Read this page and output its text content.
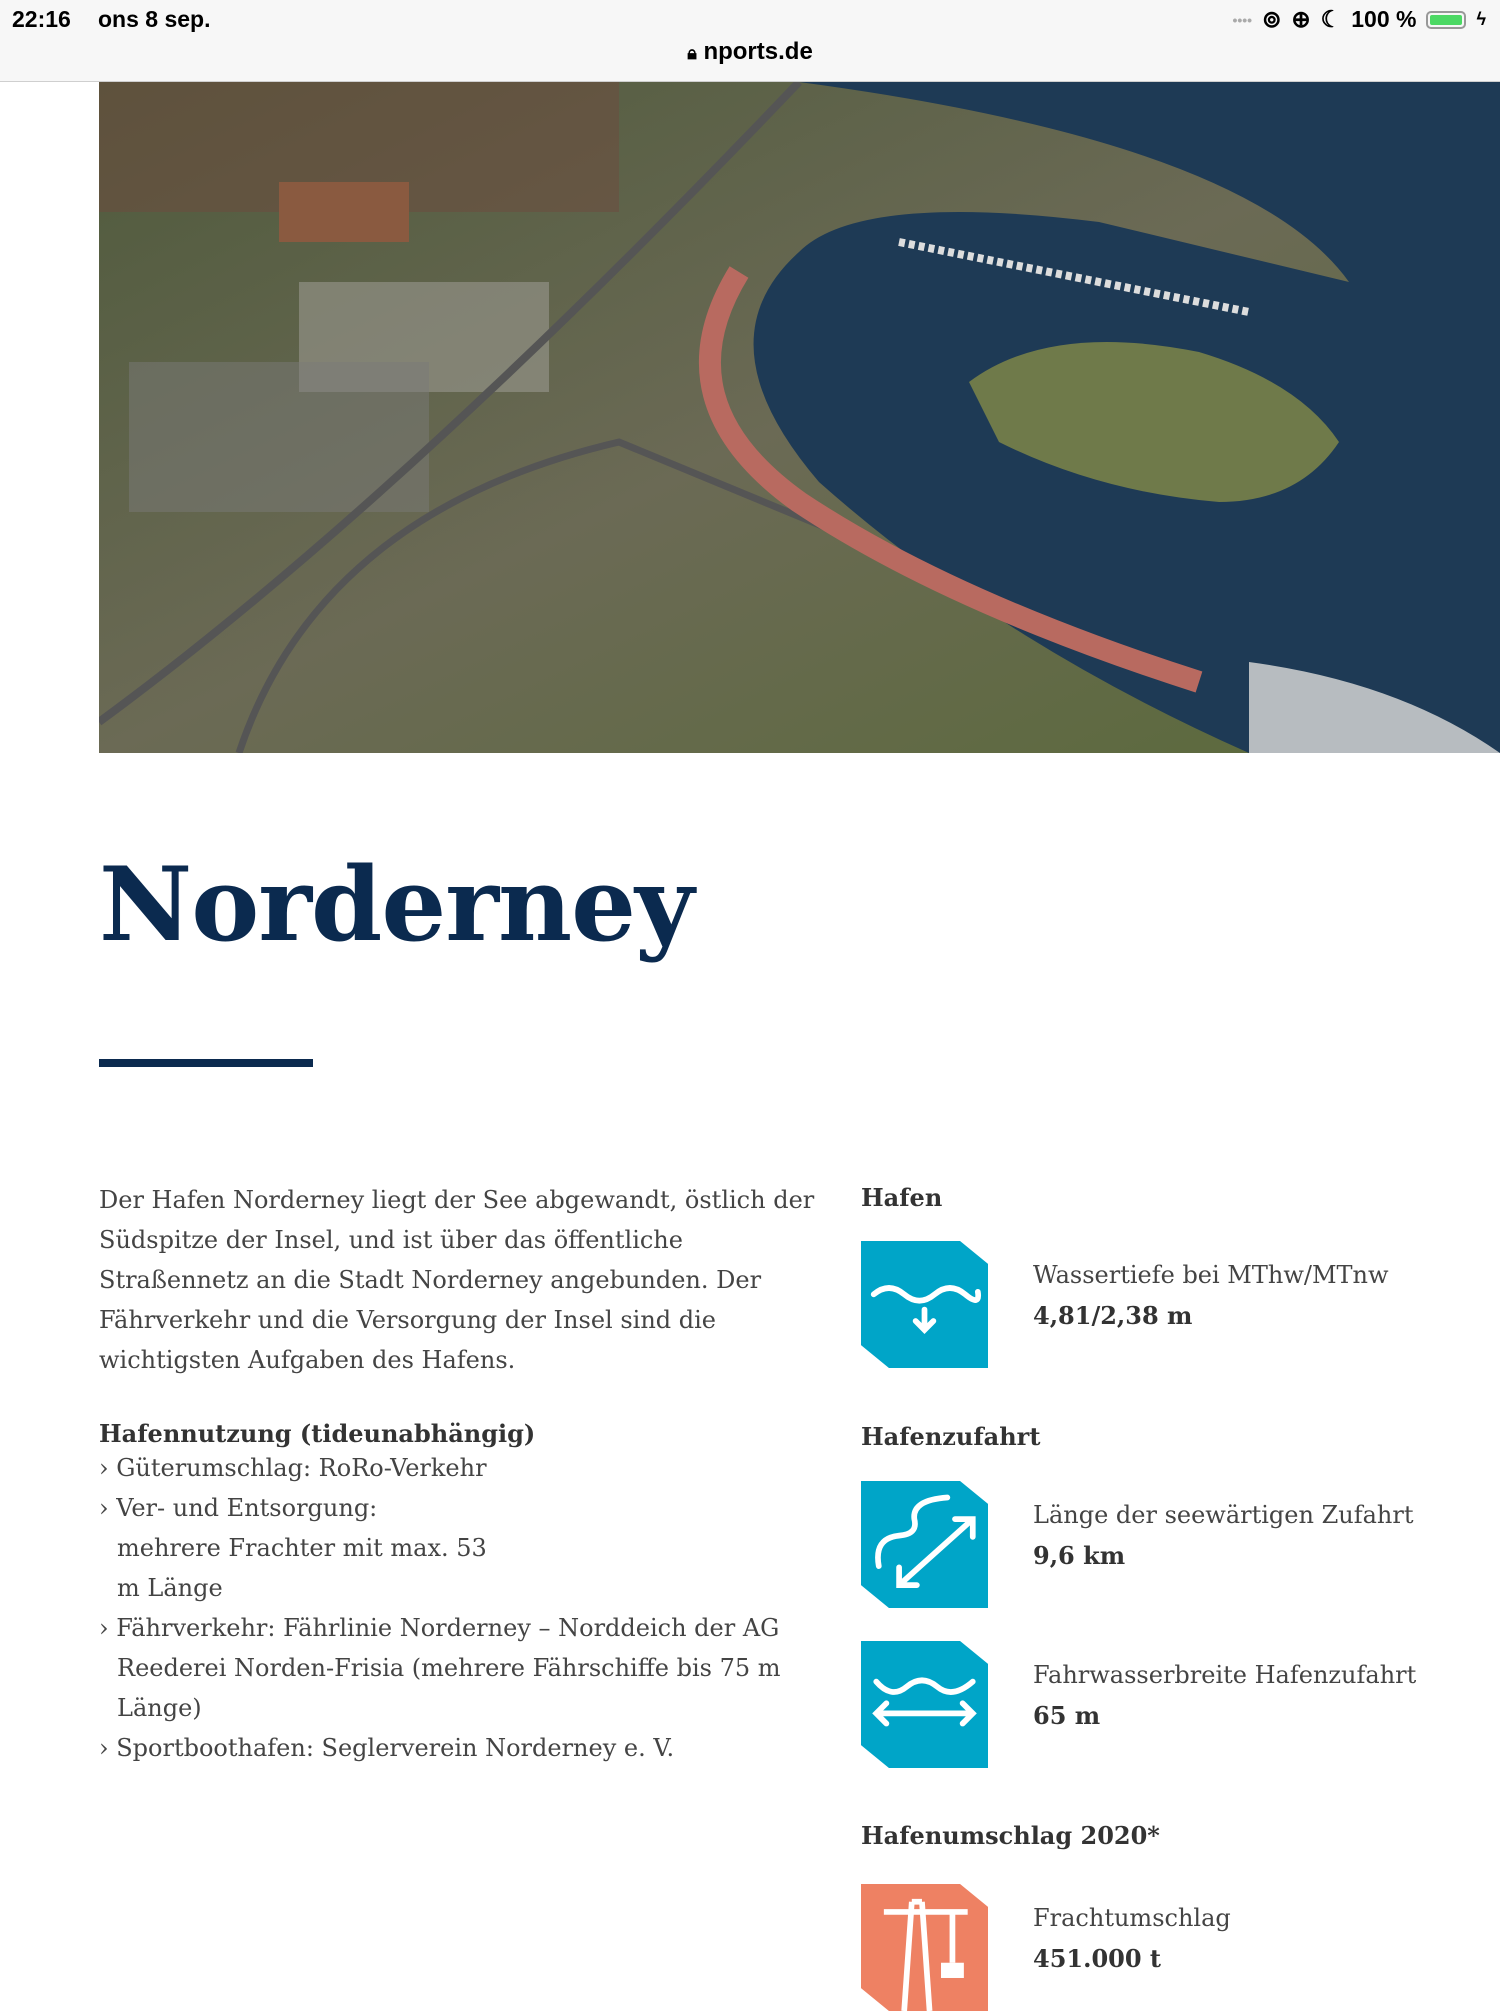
22:16 ons 8 sep.	•••• ⊚ ⊕ ☾ 100 %	ϟ
🔒︎ nports.de
Norderney

Der Hafen Norderney liegt der See abgewandt, östlich der Südspitze der Insel, und ist über das öffentliche Straßennetz an die Stadt Norderney angebunden. Der Fährverkehr und die Versorgung der Insel sind die wichtigsten Aufgaben des Hafens.

Hafennutzung (tideunabhängig)

› Güterumschlag: RoRo-Verkehr
› Ver- und Entsorgung: mehrere Frachter mit max. 53 m Länge
› Fährverkehr: Fährlinie Norderney – Norddeich der AG Reederei Norden-Frisia (mehrere Fährschiffe bis 75 m Länge)
› Sportboothafen: Seglerverein Norderney e. V.

Hafen

Wassertiefe bei MThw/MTnw
4,81/2,38 m

Hafenzufahrt

Länge der seewärtigen Zufahrt
9,6 km
Fahrwasserbreite Hafenzufahrt
65 m

Hafenumschlag 2020*

Frachtumschlag
451.000 t
